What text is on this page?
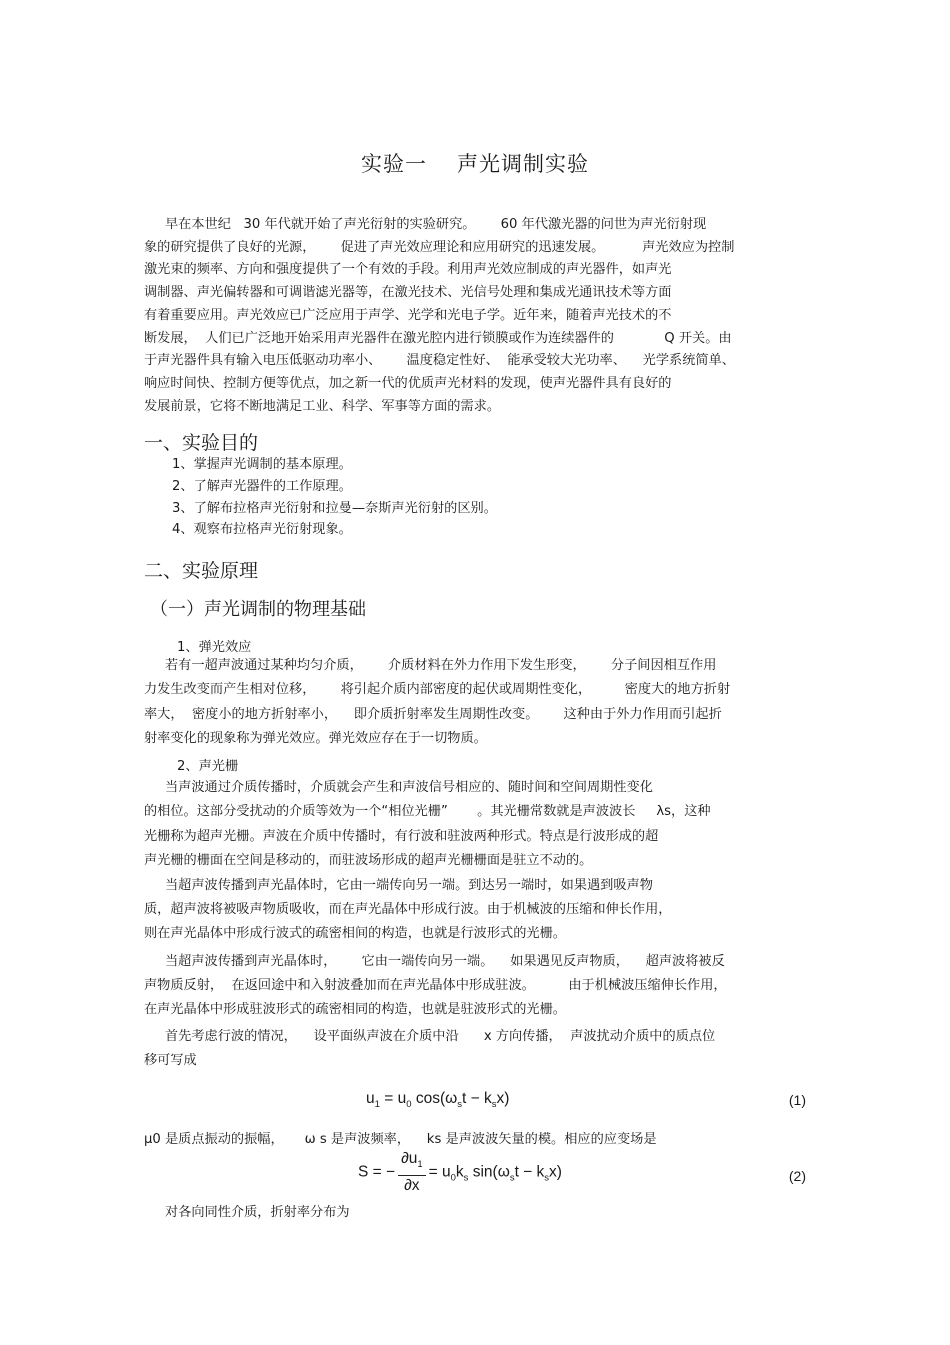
实验一 声光调制实验

早在本世纪   30 年代就开始了声光衍射的实验研究。      60 年代激光器的问世为声光衍射现
象的研究提供了良好的光源，      促进了声光效应理论和应用研究的迅速发展。         声光效应为控制
激光束的频率、方向和强度提供了一个有效的手段。利用声光效应制成的声光器件，如声光
调制器、声光偏转器和可调谐滤光器等，在激光技术、光信号处理和集成光通讯技术等方面
有着重要应用。声光效应已广泛应用于声学、光学和光电子学。近年来，随着声光技术的不
断发展，  人们已广泛地开始采用声光器件在激光腔内进行锁膜或作为连续器件的            Q 开关。由
于声光器件具有输入电压低驱动功率小、      温度稳定性好、  能承受较大光功率、    光学系统简单、
响应时间快、控制方便等优点，加之新一代的优质声光材料的发现，使声光器件具有良好的
发展前景，它将不断地满足工业、科学、军事等方面的需求。

一、实验目的
1、掌握声光调制的基本原理。
2、了解声光器件的工作原理。
3、了解布拉格声光衍射和拉曼—奈斯声光衍射的区别。
4、观察布拉格声光衍射现象。
二、实验原理
（一）声光调制的物理基础
1、弹光效应

若有一超声波通过某种均匀介质，      介质材料在外力作用下发生形变，      分子间因相互作用
力发生改变而产生相对位移，      将引起介质内部密度的起伏或周期性变化，        密度大的地方折射
率大，  密度小的地方折射率小，    即介质折射率发生周期性改变。      这种由于外力作用而引起折
射率变化的现象称为弹光效应。弹光效应存在于一切物质。

2、声光栅

当声波通过介质传播时，介质就会产生和声波信号相应的、随时间和空间周期性变化
的相位。这部分受扰动的介质等效为一个“相位光栅”       。其光栅常数就是声波波长     λs，这种
光栅称为超声光栅。声波在介质中传播时，有行波和驻波两种形式。特点是行波形成的超
声光栅的栅面在空间是移动的，而驻波场形成的超声光栅栅面是驻立不动的。

当超声波传播到声光晶体时，它由一端传向另一端。到达另一端时，如果遇到吸声物
质，超声波将被吸声物质吸收，而在声光晶体中形成行波。由于机械波的压缩和伸长作用，
则在声光晶体中形成行波式的疏密相间的构造，也就是行波形式的光栅。

当超声波传播到声光晶体时，      它由一端传向另一端。    如果遇见反声物质，    超声波将被反
声物质反射，  在返回途中和入射波叠加而在声光晶体中形成驻波。        由于机械波压缩伸长作用，
在声光晶体中形成驻波形式的疏密相同的构造，也就是驻波形式的光栅。

首先考虑行波的情况，    设平面纵声波在介质中沿      x 方向传播，  声波扰动介质中的质点位
移可写成

$u_1 = u_0$ $\cos(\omega_st - k_sx)$	(1)
μ0 是质点振动的振幅，     ω s 是声波频率，    ks 是声波波矢量的模。相应的应变场是
S = − $\frac{\partial u_1}{\partial x} = u_0k_s$ $\sin(\omega_st - k_sx)$	(2)

对各向同性介质，折射率分布为
